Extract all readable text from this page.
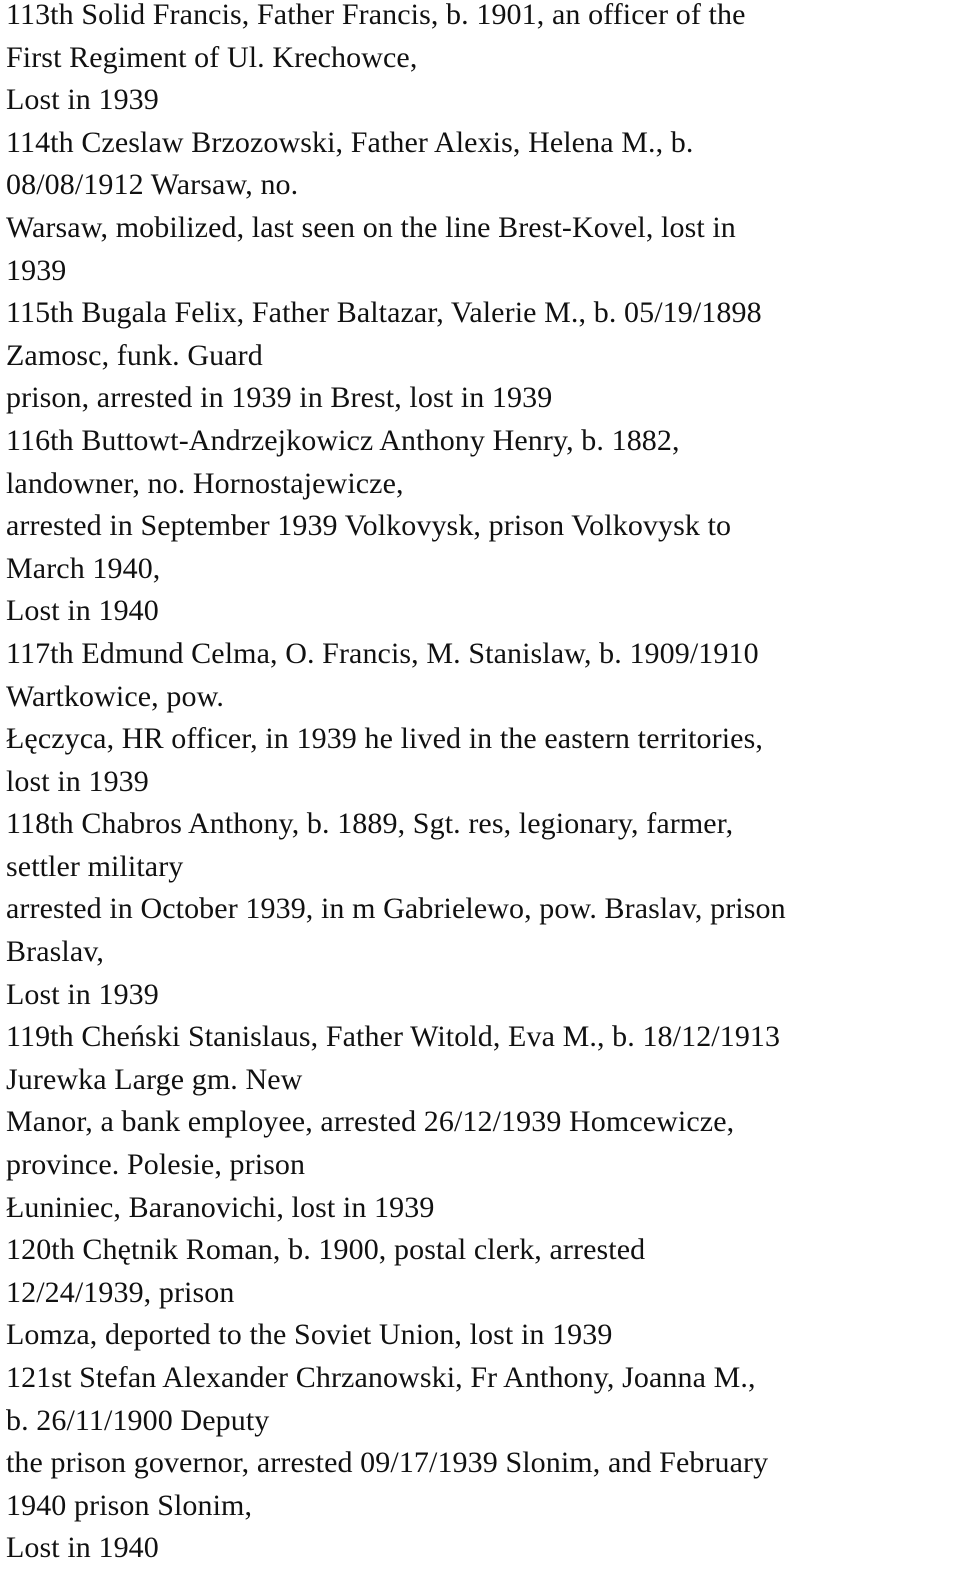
113th Solid Francis, Father Francis, b. 1901, an officer of the
First Regiment of Ul. Krechowce,
Lost in 1939
114th Czeslaw Brzozowski, Father Alexis, Helena M., b.
08/08/1912 Warsaw, no.
Warsaw, mobilized, last seen on the line Brest-Kovel, lost in
1939
115th Bugala Felix, Father Baltazar, Valerie M., b. 05/19/1898
Zamosc, funk. Guard
prison, arrested in 1939 in Brest, lost in 1939
116th Buttowt-Andrzejkowicz Anthony Henry, b. 1882,
landowner, no. Hornostajewicze,
arrested in September 1939 Volkovysk, prison Volkovysk to
March 1940,
Lost in 1940
117th Edmund Celma, O. Francis, M. Stanislaw, b. 1909/1910
Wartkowice, pow.
Łęczyca, HR officer, in 1939 he lived in the eastern territories,
lost in 1939
118th Chabros Anthony, b. 1889, Sgt. res, legionary, farmer,
settler military
arrested in October 1939, in m Gabrielewo, pow. Braslav, prison
Braslav,
Lost in 1939
119th Cheński Stanislaus, Father Witold, Eva M., b. 18/12/1913
Jurewka Large gm. New
Manor, a bank employee, arrested 26/12/1939 Homcewicze,
province. Polesie, prison
Łuniniec, Baranovichi, lost in 1939
120th Chętnik Roman, b. 1900, postal clerk, arrested
12/24/1939, prison
Lomza, deported to the Soviet Union, lost in 1939
121st Stefan Alexander Chrzanowski, Fr Anthony, Joanna M.,
b. 26/11/1900 Deputy
the prison governor, arrested 09/17/1939 Slonim, and February
1940 prison Slonim,
Lost in 1940
